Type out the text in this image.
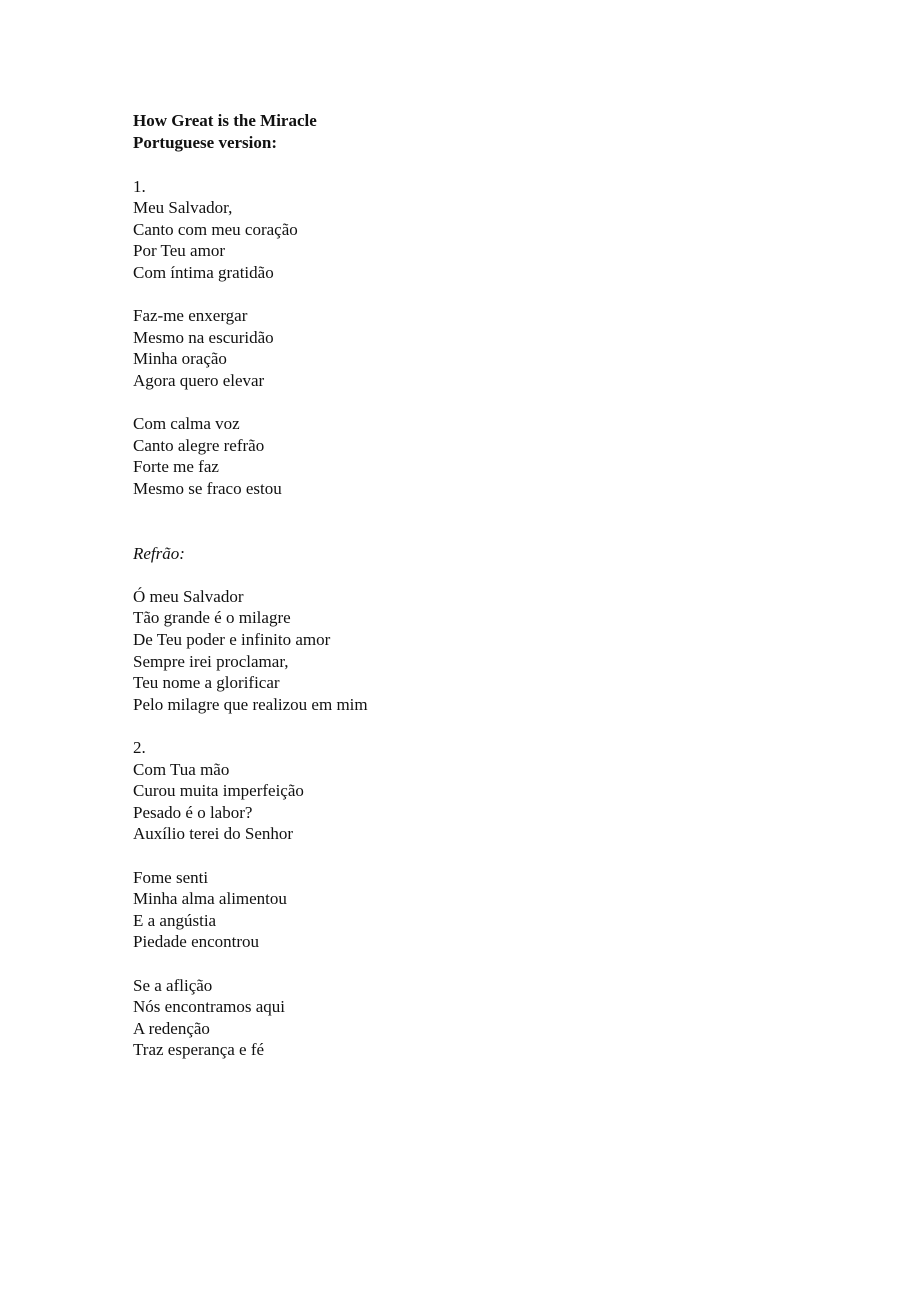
How Great is the Miracle
Portuguese version:
1.
Meu Salvador,
Canto com meu coração
Por Teu amor
Com íntima gratidão
Faz-me enxergar
Mesmo na escuridão
Minha oração
Agora quero elevar
Com calma voz
Canto alegre refrão
Forte me faz
Mesmo se fraco estou
Refrão:
Ó meu Salvador
Tão grande é o milagre
De Teu poder e infinito amor
Sempre irei proclamar,
Teu nome a glorificar
Pelo milagre que realizou em mim
2.
Com Tua mão
Curou muita imperfeição
Pesado é o labor?
Auxílio terei do Senhor
Fome senti
Minha alma alimentou
E a angústia
Piedade encontrou
Se a aflição
Nós encontramos aqui
A redenção
Traz esperança e fé
